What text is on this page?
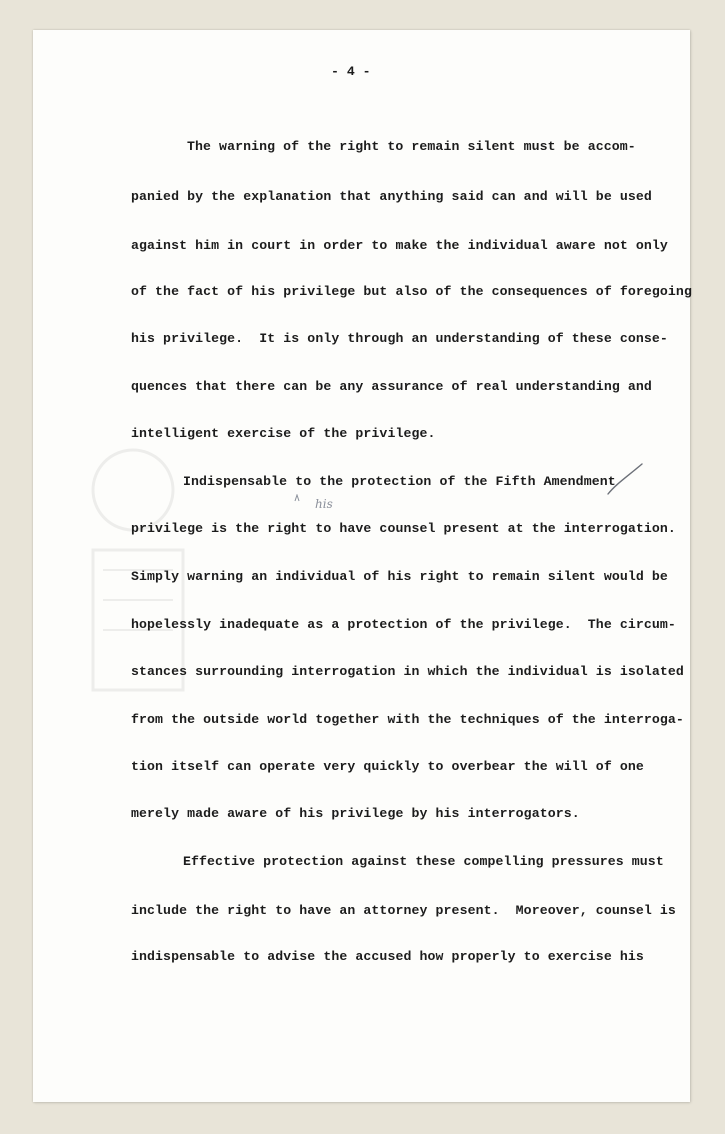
- 4 -
The warning of the right to remain silent must be accom-
panied by the explanation that anything said can and will be used
against him in court in order to make the individual aware not only
of the fact of his privilege but also of the consequences of foregoing
his privilege.  It is only through an understanding of these conse-
quences that there can be any assurance of real understanding and
intelligent exercise of the privilege.
Indispensable to the protection of the Fifth Amendment
privilege is the right to have counsel present at the interrogation.
Simply warning an individual of his right to remain silent would be
hopelessly inadequate as a protection of the privilege.  The circum-
stances surrounding interrogation in which the individual is isolated
from the outside world together with the techniques of the interroga-
tion itself can operate very quickly to overbear the will of one
merely made aware of his privilege by his interrogators.
Effective protection against these compelling pressures must
include the right to have an attorney present.  Moreover, counsel is
indispensable to advise the accused how properly to exercise his
his
